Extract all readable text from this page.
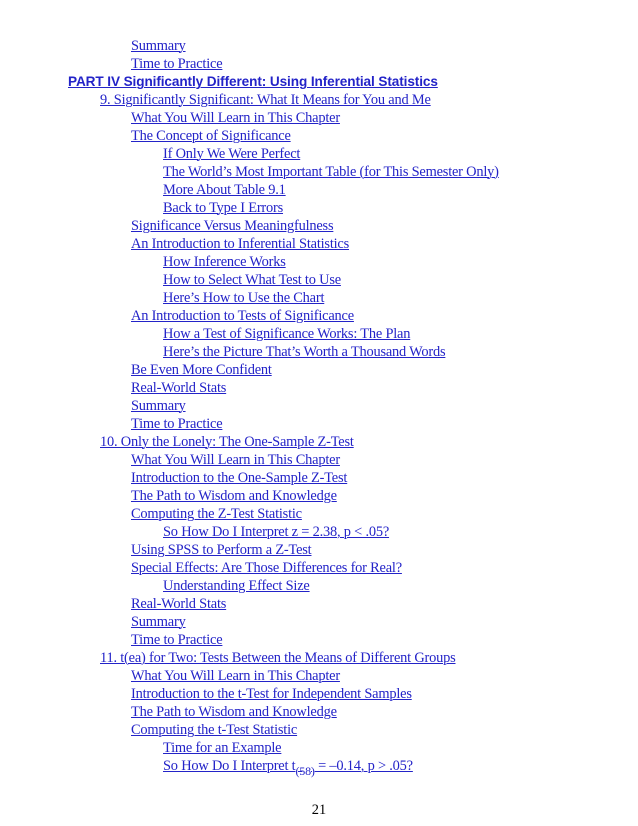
Summary
Time to Practice
PART IV Significantly Different: Using Inferential Statistics
9. Significantly Significant: What It Means for You and Me
What You Will Learn in This Chapter
The Concept of Significance
If Only We Were Perfect
The World’s Most Important Table (for This Semester Only)
More About Table 9.1
Back to Type I Errors
Significance Versus Meaningfulness
An Introduction to Inferential Statistics
How Inference Works
How to Select What Test to Use
Here’s How to Use the Chart
An Introduction to Tests of Significance
How a Test of Significance Works: The Plan
Here’s the Picture That’s Worth a Thousand Words
Be Even More Confident
Real-World Stats
Summary
Time to Practice
10. Only the Lonely: The One-Sample Z-Test
What You Will Learn in This Chapter
Introduction to the One-Sample Z-Test
The Path to Wisdom and Knowledge
Computing the Z-Test Statistic
So How Do I Interpret z = 2.38, p < .05?
Using SPSS to Perform a Z-Test
Special Effects: Are Those Differences for Real?
Understanding Effect Size
Real-World Stats
Summary
Time to Practice
11. t(ea) for Two: Tests Between the Means of Different Groups
What You Will Learn in This Chapter
Introduction to the t-Test for Independent Samples
The Path to Wisdom and Knowledge
Computing the t-Test Statistic
Time for an Example
So How Do I Interpret $t_{(58)} = -0.14$, p > .05?
21
